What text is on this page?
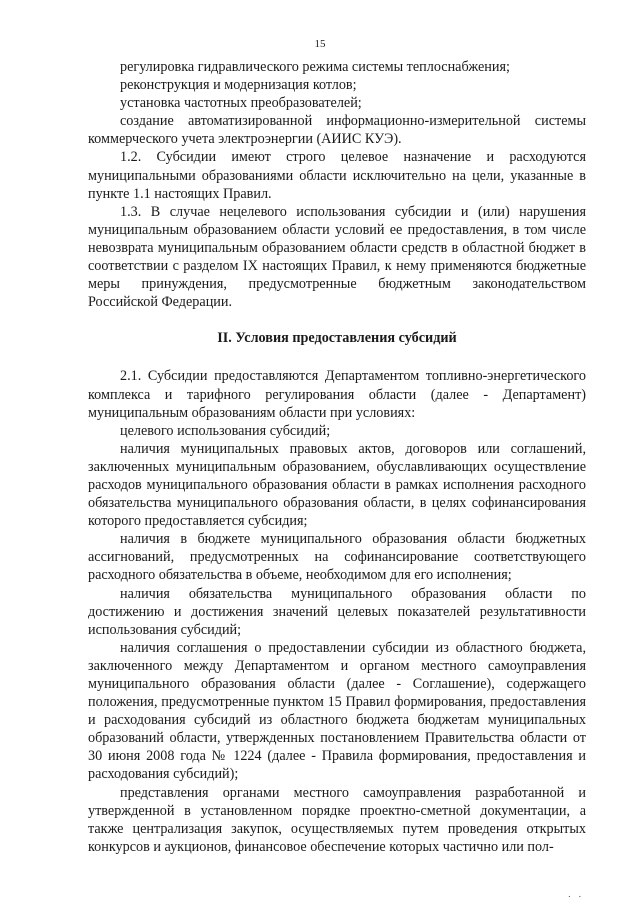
15

регулировка гидравлического режима системы теплоснабжения;

реконструкция и модернизация котлов;

установка частотных преобразователей;

создание автоматизированной информационно-измерительной системы коммерческого учета электроэнергии (АИИС КУЭ).

1.2. Субсидии имеют строго целевое назначение и расходуются муниципальными образованиями области исключительно на цели, указанные в пункте 1.1 настоящих Правил.

1.3. В случае нецелевого использования субсидии и (или) нарушения муниципальным образованием области условий ее предоставления, в том числе невозврата муниципальным образованием области средств в областной бюджет в соответствии с разделом IX настоящих Правил, к нему применяются бюджетные меры принуждения, предусмотренные бюджетным законодательством Российской Федерации.

II. Условия предоставления субсидий

2.1. Субсидии предоставляются Департаментом топливно-энергетического комплекса и тарифного регулирования области (далее - Департамент) муниципальным образованиям области при условиях:

целевого использования субсидий;

наличия муниципальных правовых актов, договоров или соглашений, заключенных муниципальным образованием, обуславливающих осуществление расходов муниципального образования области в рамках исполнения расходного обязательства муниципального образования области, в целях софинансирования которого предоставляется субсидия;

наличия в бюджете муниципального образования области бюджетных ассигнований, предусмотренных на софинансирование соответствующего расходного обязательства в объеме, необходимом для его исполнения;

наличия обязательства муниципального образования области по достижению и достижения значений целевых показателей результативности использования субсидий;

наличия соглашения о предоставлении субсидии из областного бюджета, заключенного между Департаментом и органом местного самоуправления муниципального образования области (далее - Соглашение), содержащего положения, предусмотренные пунктом 15 Правил формирования, предоставления и расходования субсидий из областного бюджета бюджетам муниципальных образований области, утвержденных постановлением Правительства области от 30 июня 2008 года № 1224 (далее - Правила формирования, предоставления и расходования субсидий);

представления органами местного самоуправления разработанной и утвержденной в установленном порядке проектно-сметной документации, а также централизация закупок, осуществляемых путем проведения открытых конкурсов и аукционов, финансовое обеспечение которых частично или пол-

. .
